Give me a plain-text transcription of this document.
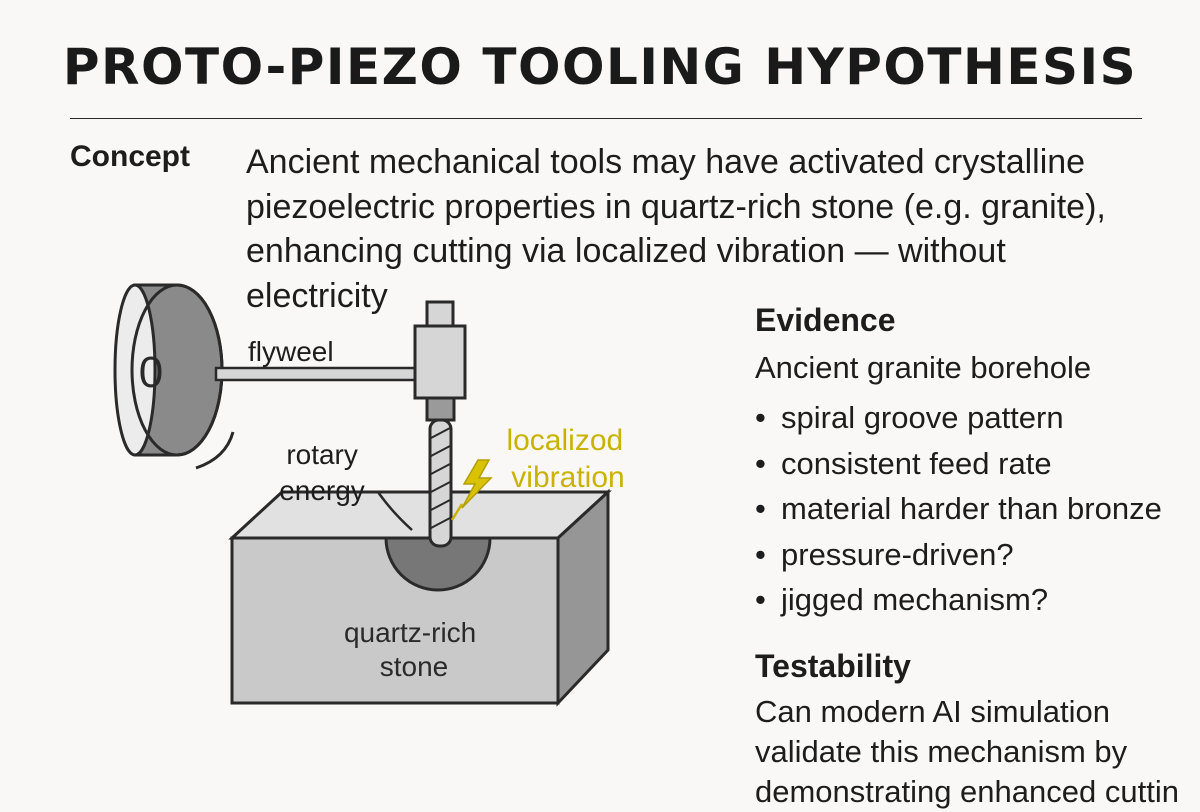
PROTO-PIEZO TOOLING HYPOTHESIS
Concept Ancient mechanical tools may have activated crystalline
piezoelectric properties in quartz-rich stone (e.g. granite),
enhancing cutting via localized vibration — without
electricity
0	flyweel
rotary energy
localizod vibration
quartz-rich stone
Evidence
Ancient granite borehole
• spiral groove pattern
• consistent feed rate
• material harder than bronze
• pressure-driven?
• jigged mechanism?
Testability
Can modern AI simulation
validate this mechanism by
demonstrating enhanced cuttin
